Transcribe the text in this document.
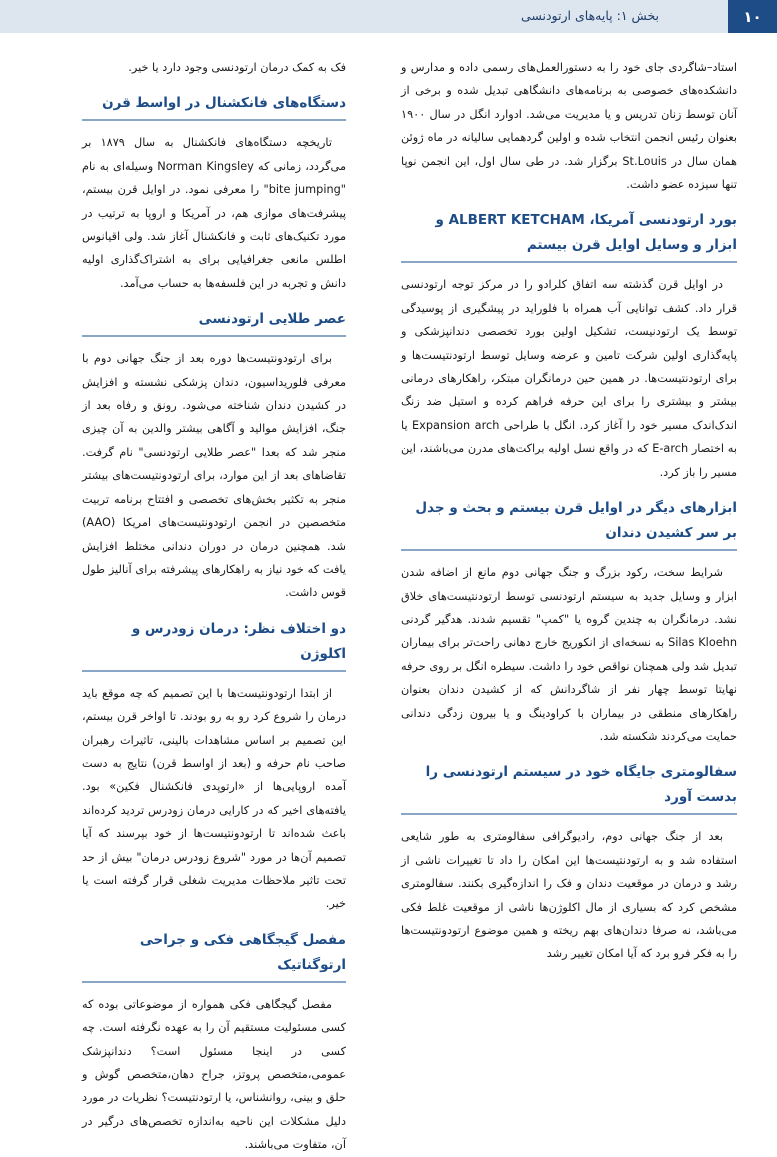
۱۰
بخش ۱: پایه‌های ارتودنسی

استاد–شاگردی جای خود را به دستورالعمل‌های رسمی داده و مدارس و دانشکده‌های خصوصی به برنامه‌های دانشگاهی تبدیل شده و برخی از آنان توسط زنان تدریس و یا مدیریت می‌شد. ادوارد انگل در سال ۱۹۰۰ بعنوان رئیس انجمن انتخاب شده و اولین گردهمایی سالیانه در ماه ژوئن همان سال در St.Louis برگزار شد. در طی سال اول، این انجمن نوپا تنها سیزده عضو داشت.

بورد ارتودنسی آمریکا، ALBERT KETCHAM و ابزار و وسایل اوایل قرن بیستم

در اوایل قرن گذشته سه اتفاق کلرادو را در مرکز توجه ارتودنسی قرار داد. کشف توانایی آب همراه با فلوراید در پیشگیری از پوسیدگی توسط یک ارتودنیست، تشکیل اولین بورد تخصصی دندانپزشکی و پایه‌گذاری اولین شرکت تامین و عرضه وسایل توسط ارتودنتیست‌ها و برای ارتودنتیست‌ها. در همین حین درمانگران مبتکر، راهکارهای درمانی بیشتر و بیشتری را برای این حرفه فراهم کرده و استیل ضد زنگ اندک‌اندک مسیر خود را آغاز کرد. انگل با طراحی Expansion arch یا به اختصار E-arch که در واقع نسل اولیه براکت‌های مدرن می‌باشند، این مسیر را باز کرد.

ابزارهای دیگر در اوایل قرن بیستم و بحث و جدل بر سر کشیدن دندان

شرایط سخت، رکود بزرگ و جنگ جهانی دوم مانع از اضافه شدن ابزار و وسایل جدید به سیستم ارتودنسی توسط ارتودنتیست‌های خلاق نشد. درمانگران به چندین گروه یا "کمپ" تقسیم شدند. هدگیر گردنی Silas Kloehn به نسخه‌ای از انکوریج خارج دهانی راحت‌تر برای بیماران تبدیل شد ولی همچنان نواقص خود را داشت. سیطره انگل بر روی حرفه نهایتا توسط چهار نفر از شاگردانش که از کشیدن دندان بعنوان راهکارهای منطقی در بیماران با کراودینگ و یا بیرون زدگی دندانی حمایت می‌کردند شکسته شد.

سفالومتری جایگاه خود در سیستم ارتودنسی را بدست آورد

بعد از جنگ جهانی دوم، رادیوگرافی سفالومتری به طور شایعی استفاده شد و به ارتودنتیست‌ها این امکان را داد تا تغییرات ناشی از رشد و درمان در موقعیت دندان و فک را اندازه‌گیری بکنند. سفالومتری مشخص کرد که بسیاری از مال اکلوژن‌ها ناشی از موقعیت غلط فکی می‌باشد، نه صرفا دندان‌های بهم ریخته و همین موضوع ارتودونتیست‌ها را به فکر فرو برد که آیا امکان تغییر رشد

فک به کمک درمان ارتودنسی وجود دارد یا خیر.

دستگاه‌های فانکشنال در اواسط قرن

تاریخچه دستگاه‌های فانکشنال به سال ۱۸۷۹ بر می‌گردد، زمانی که Norman Kingsley وسیله‌ای به نام "bite jumping" را معرفی نمود. در اوایل قرن بیستم، پیشرفت‌های موازی هم، در آمریکا و اروپا به ترتیب در مورد تکنیک‌های ثابت و فانکشنال آغاز شد. ولی اقیانوس اطلس مانعی جغرافیایی برای به اشتراک‌گذاری اولیه دانش و تجربه در این فلسفه‌ها به حساب می‌آمد.

عصر طلایی ارتودنسی

برای ارتودونتیست‌ها دوره بعد از جنگ جهانی دوم با معرفی فلوریداسیون، دندان پزشکی نشسته و افزایش در کشیدن دندان شناخته می‌شود. رونق و رفاه بعد از جنگ، افزایش موالید و آگاهی بیشتر والدین به آن چیزی منجر شد که بعدا "عصر طلایی ارتودنسی" نام گرفت. تقاضاهای بعد از این موارد، برای ارتودونتیست‌های بیشتر منجر به تکثیر بخش‌های تخصصی و افتتاح برنامه تربیت متخصصین در انجمن ارتودونتیست‌های امریکا (AAO) شد. همچنین درمان در دوران دندانی مختلط افزایش یافت که خود نیاز به راهکارهای پیشرفته برای آنالیز طول قوس داشت.

دو اختلاف نظر: درمان زودرس و اکلوژن

از ابتدا ارتودونتیست‌ها با این تصمیم که چه موقع باید درمان را شروع کرد رو به رو بودند. تا اواخر قرن بیستم، این تصمیم بر اساس مشاهدات بالینی، تاثیرات رهبران صاحب نام حرفه و (بعد از اواسط قرن) نتایج به دست آمده اروپایی‌ها از «ارتوپدی فانکشنال فکین» بود. یافته‌های اخیر که در کارایی درمان زودرس تردید کرده‌اند باعث شده‌اند تا ارتودونتیست‌ها از خود بپرسند که آیا تصمیم آن‌ها در مورد "شروع زودرس درمان" بیش از حد تحت تاثیر ملاحظات مدیریت شغلی قرار گرفته است یا خیر.

مفصل گیجگاهی فکی و جراحی ارتوگناتیک

مفصل گیجگاهی فکی همواره از موضوعاتی بوده که کسی مسئولیت مستقیم آن را به عهده نگرفته است. چه کسی در اینجا مسئول است؟ دندانپزشک عمومی،متخصص پروتز، جراح دهان،متخصص گوش و حلق و بینی، روانشناس، یا ارتودنتیست؟ نظریات در مورد دلیل مشکلات این ناحیه به‌اندازه تخصص‌های درگیر در آن، متفاوت می‌باشند.
